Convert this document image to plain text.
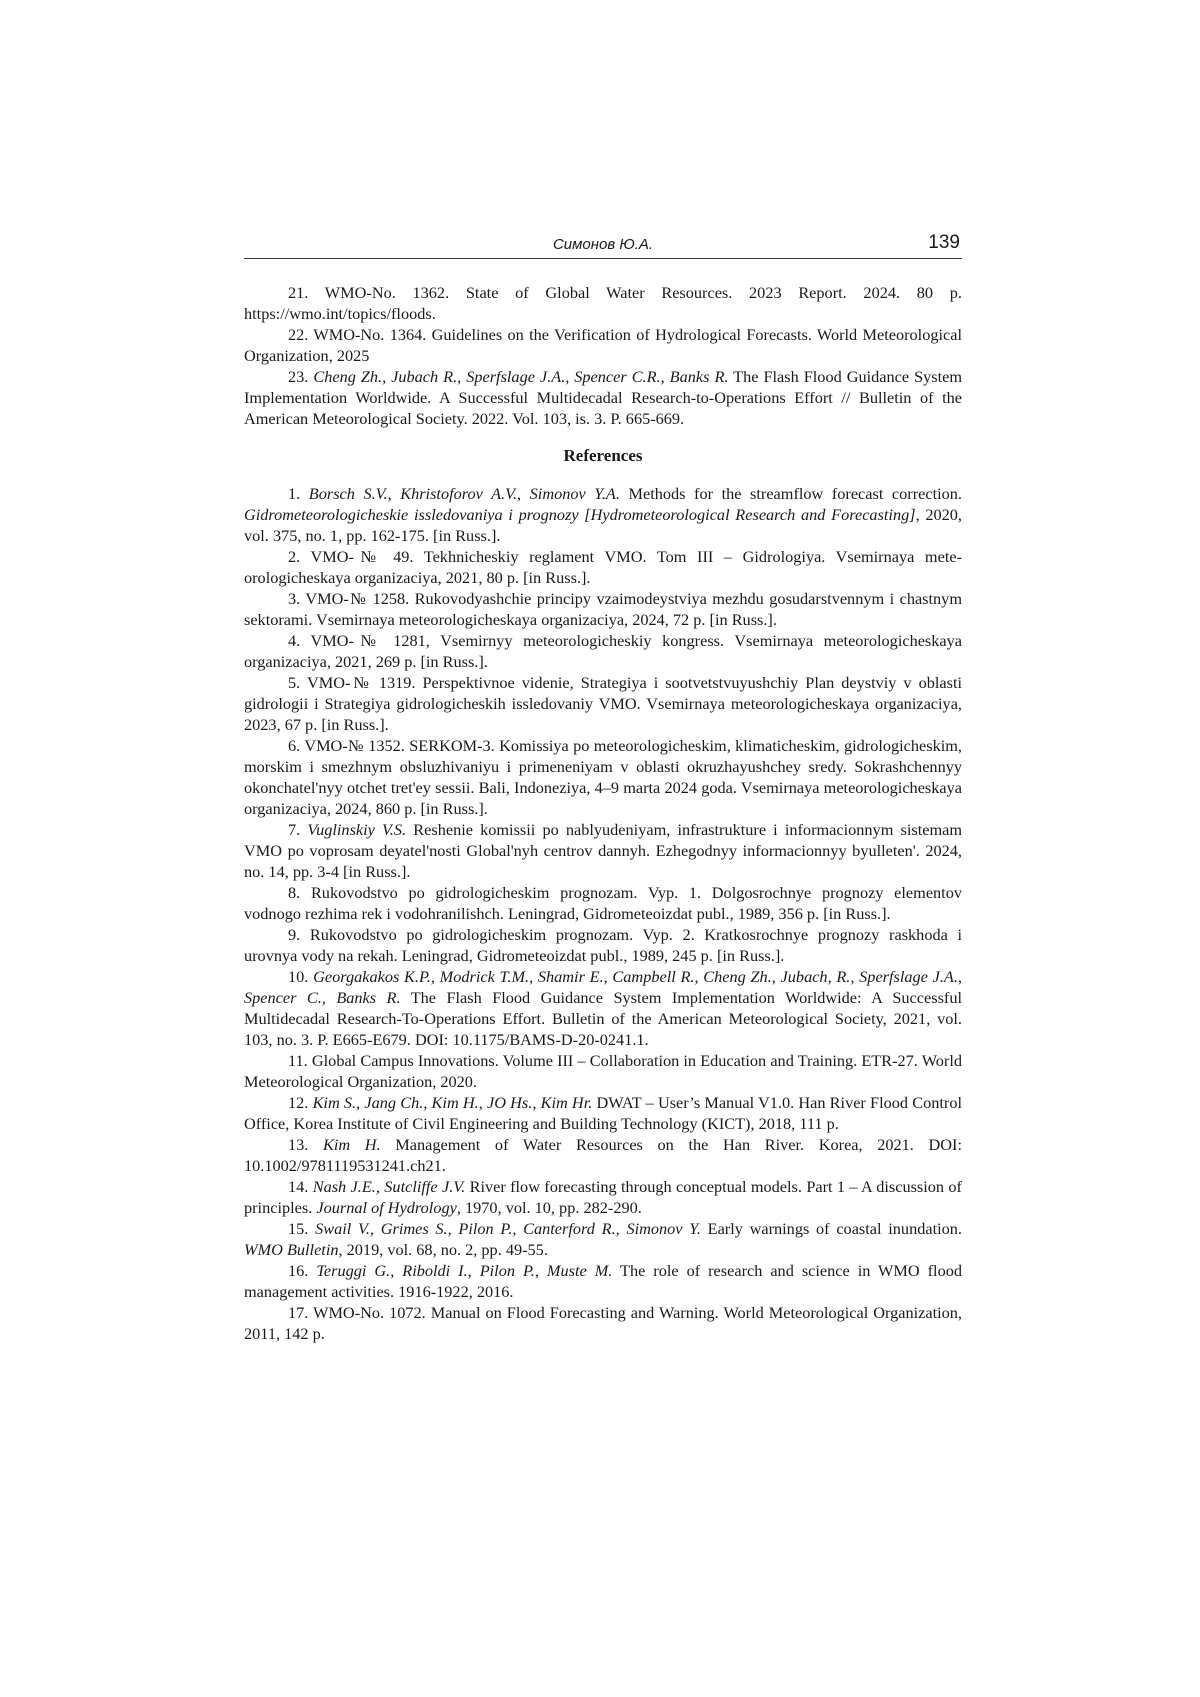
Симонов Ю.А.	139

21. WMO-No. 1362. State of Global Water Resources. 2023 Report. 2024. 80 p. https://wmo.int/topics/floods.

22. WMO-No. 1364. Guidelines on the Verification of Hydrological Forecasts. World Meteorological Organization, 2025

23. Cheng Zh., Jubach R., Sperfslage J.A., Spencer C.R., Banks R. The Flash Flood Guidance System Implementation Worldwide. A Successful Multidecadal Research-to-Operations Effort // Bulletin of the American Meteorological Society. 2022. Vol. 103, is. 3. P. 665-669.

References

1. Borsch S.V., Khristoforov A.V., Simonov Y.A. Methods for the streamflow forecast correction. Gidrometeorologicheskie issledovaniya i prognozy [Hydrometeorological Research and Forecasting], 2020, vol. 375, no. 1, pp. 162-175. [in Russ.].

2. VMO-№ 49. Tekhnicheskiy reglament VMO. Tom III – Gidrologiya. Vsemirnaya meteorologicheskaya organizaciya, 2021, 80 p. [in Russ.].

3. VMO-№ 1258. Rukovodyashchie principy vzaimodeystviya mezhdu gosudarstvennym i chastnym sektorami. Vsemirnaya meteorologicheskaya organizaciya, 2024, 72 p. [in Russ.].

4. VMO-№ 1281, Vsemirnyy meteorologicheskiy kongress. Vsemirnaya meteorologicheskaya organizaciya, 2021, 269 p. [in Russ.].

5. VMO-№ 1319. Perspektivnoe videnie, Strategiya i sootvetstvuyushchiy Plan deystviy v oblasti gidrologii i Strategiya gidrologicheskih issledovaniy VMO. Vsemirnaya meteorologicheskaya organizaciya, 2023, 67 p. [in Russ.].

6. VMO-№ 1352. SERKOM-3. Komissiya po meteorologicheskim, klimaticheskim, gidrologicheskim, morskim i smezhnym obsluzhivaniyu i primeneniyam v oblasti okruzhayushchey sredy. Sokrashchennyy okonchatel'nyy otchet tret'ey sessii. Bali, Indoneziya, 4–9 marta 2024 goda. Vsemirnaya meteorologicheskaya organizaciya, 2024, 860 p. [in Russ.].

7. Vuglinskiy V.S. Reshenie komissii po nablyudeniyam, infrastrukture i informacionnym sistemam VMO po voprosam deyatel'nosti Global'nyh centrov dannyh. Ezhegodnyy informacionnyy byulleten'. 2024, no. 14, pp. 3-4 [in Russ.].

8. Rukovodstvo po gidrologicheskim prognozam. Vyp. 1. Dolgosrochnye prognozy elementov vodnogo rezhima rek i vodohranilishch. Leningrad, Gidrometeoizdat publ., 1989, 356 p. [in Russ.].

9. Rukovodstvo po gidrologicheskim prognozam. Vyp. 2. Kratkosrochnye prognozy raskhoda i urovnya vody na rekah. Leningrad, Gidrometeoizdat publ., 1989, 245 p. [in Russ.].

10. Georgakakos K.P., Modrick T.M., Shamir E., Campbell R., Cheng Zh., Jubach, R., Sperfslage J.A., Spencer C., Banks R. The Flash Flood Guidance System Implementation Worldwide: A Successful Multidecadal Research-To-Operations Effort. Bulletin of the American Meteorological Society, 2021, vol. 103, no. 3. P. E665-E679. DOI: 10.1175/BAMS-D-20-0241.1.

11. Global Campus Innovations. Volume III – Collaboration in Education and Training. ETR-27. World Meteorological Organization, 2020.

12. Kim S., Jang Ch., Kim H., JO Hs., Kim Hr. DWAT – User’s Manual V1.0. Han River Flood Control Office, Korea Institute of Civil Engineering and Building Technology (KICT), 2018, 111 p.

13. Kim H. Management of Water Resources on the Han River. Korea, 2021. DOI: 10.1002/9781119531241.ch21.

14. Nash J.E., Sutcliffe J.V. River flow forecasting through conceptual models. Part 1 – A discussion of principles. Journal of Hydrology, 1970, vol. 10, pp. 282-290.

15. Swail V., Grimes S., Pilon P., Canterford R., Simonov Y. Early warnings of coastal inundation. WMO Bulletin, 2019, vol. 68, no. 2, pp. 49-55.

16. Teruggi G., Riboldi I., Pilon P., Muste M. The role of research and science in WMO flood management activities. 1916-1922, 2016.

17. WMO-No. 1072. Manual on Flood Forecasting and Warning. World Meteorological Organization, 2011, 142 p.
